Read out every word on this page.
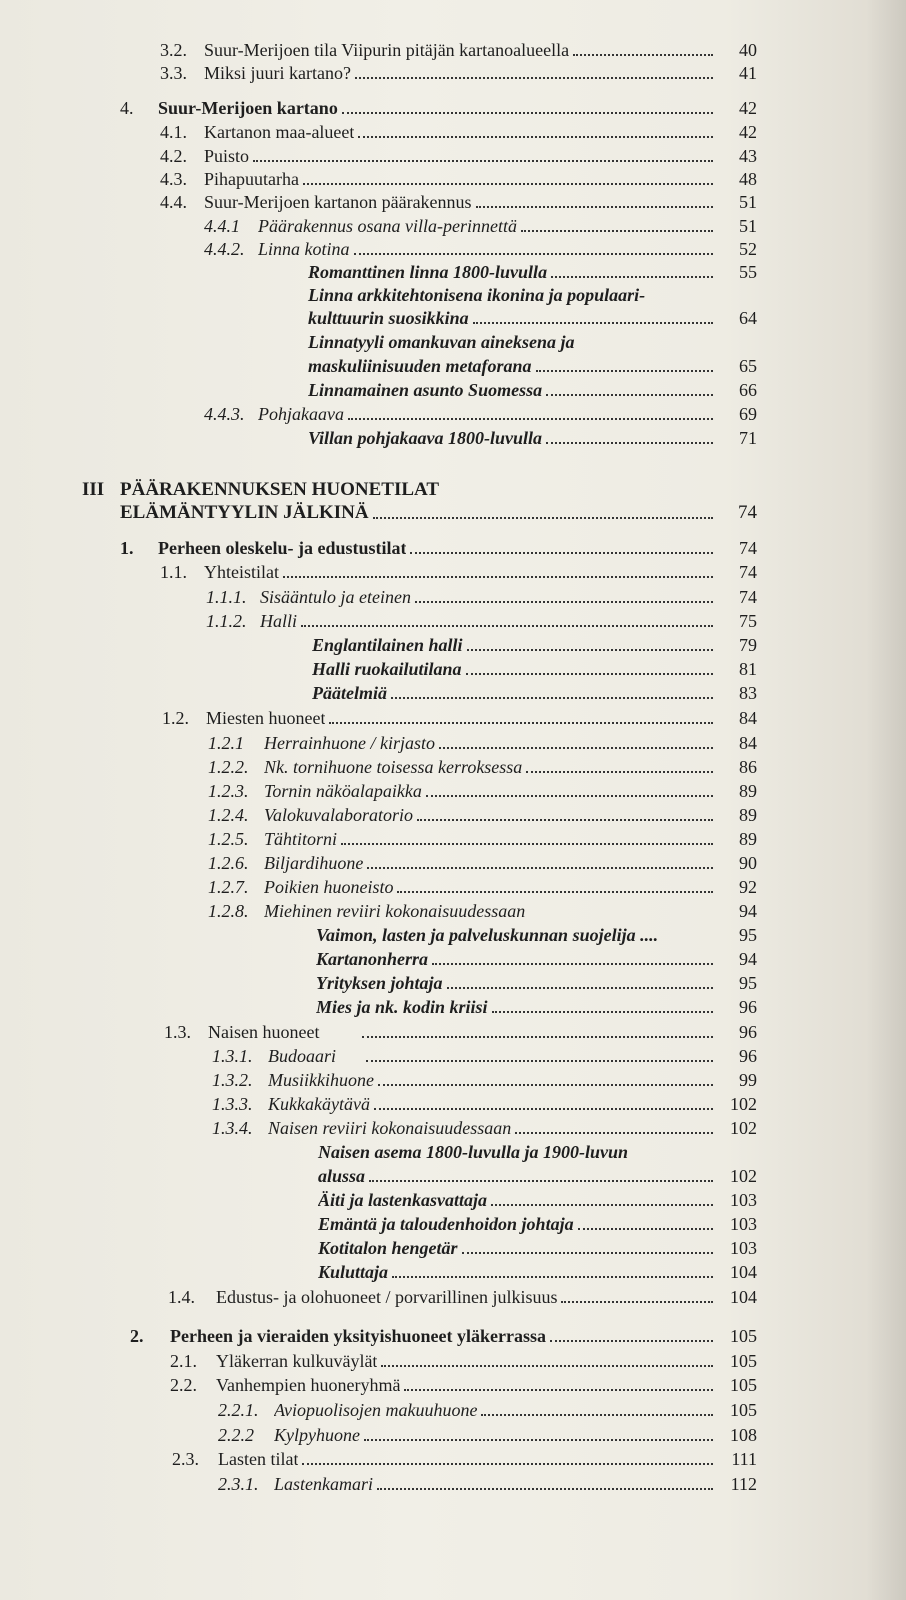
3.2. Suur-Merijoen tila Viipurin pitäjän kartanoalueella	40
3.3. Miksi juuri kartano?	41
4.	Suur-Merijoen kartano	42
4.1. Kartanon maa-alueet	42
4.2. Puisto	43
4.3. Pihapuutarha	48
4.4. Suur-Merijoen kartanon päärakennus	51
4.4.1	Päärakennus osana villa-perinnettä	51
4.4.2. Linna kotina	52
Romanttinen linna 1800-luvulla	55
Linna arkkitehtonisena ikonina ja populaari-
kulttuurin suosikkina	64
Linnatyyli omankuvan aineksena ja
maskuliinisuuden metaforana	65
Linnamainen asunto Suomessa	66
4.4.3. Pohjakaava	69
Villan pohjakaava 1800-luvulla	71
III PÄÄRAKENNUKSEN HUONETILAT
ELÄMÄNTYYLIN JÄLKINÄ	74
1.	Perheen oleskelu- ja edustustilat	74
1.1. Yhteistilat	74
1.1.1. Sisääntulo ja eteinen	74
1.1.2. Halli	75
Englantilainen halli	79
Halli ruokailutilana	81
Päätelmiä	83
1.2. Miesten huoneet	84
1.2.1	Herrainhuone / kirjasto	84
1.2.2. Nk. tornihuone toisessa kerroksessa	86
1.2.3. Tornin näköalapaikka	89
1.2.4. Valokuvalaboratorio	89
1.2.5. Tähtitorni	89
1.2.6. Biljardihuone	90
1.2.7. Poikien huoneisto	92
1.2.8. Miehinen reviiri kokonaisuudessaan	94
Vaimon, lasten ja palveluskunnan suojelija ....	95
Kartanonherra	94
Yrityksen johtaja	95
Mies ja nk. kodin kriisi	96
1.3. Naisen huoneet	96
1.3.1. Budoaari	96
1.3.2. Musiikkihuone	99
1.3.3. Kukkakäytävä	102
1.3.4. Naisen reviiri kokonaisuudessaan	102
Naisen asema 1800-luvulla ja 1900-luvun
alussa	102
Äiti ja lastenkasvattaja	103
Emäntä ja taloudenhoidon johtaja	103
Kotitalon hengetär	103
Kuluttaja	104
1.4.	Edustus- ja olohuoneet / porvarillinen julkisuus	104
2.	Perheen ja vieraiden yksityishuoneet yläkerrassa	105
2.1.	Yläkerran kulkuväylät	105
2.2.	Vanhempien huoneryhmä	105
2.2.1. Aviopuolisojen makuuhuone	105
2.2.2	Kylpyhuone	108
2.3.	Lasten tilat	111
2.3.1. Lastenkamari	112
